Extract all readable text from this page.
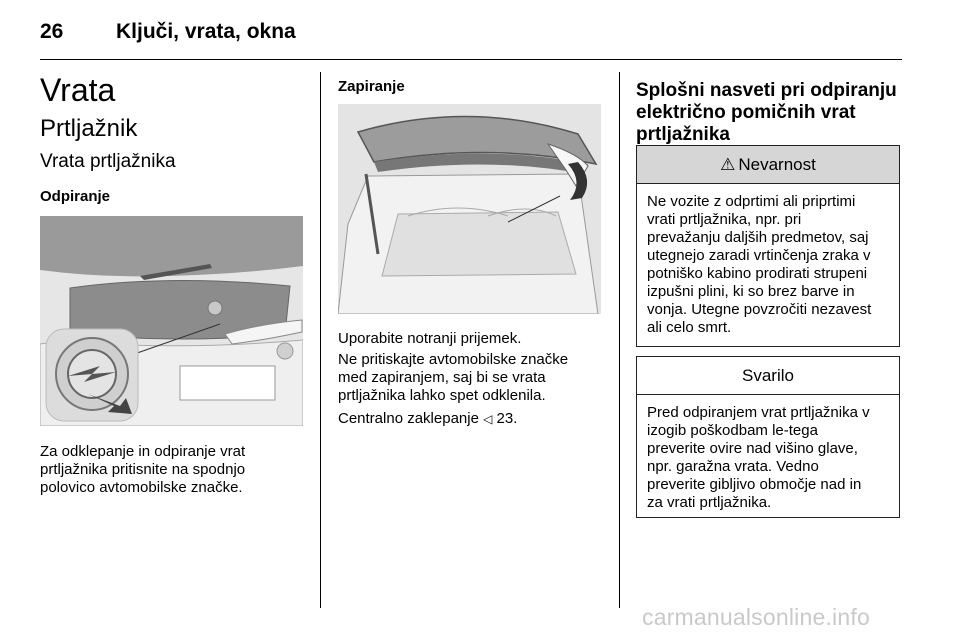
26	Ključi, vrata, okna
Vrata
Prtljažnik
Vrata prtljažnika
Odpiranje
Za odklepanje in odpiranje vrat
prtljažnika pritisnite na spodnjo
polovico avtomobilske značke.
Zapiranje
Uporabite notranji prijemek.
Ne pritiskajte avtomobilske značke
med zapiranjem, saj bi se vrata
prtljažnika lahko spet odklenila.
Centralno zaklepanje ◁ 23.
Splošni nasveti pri odpiranju
električno pomičnih vrat
prtljažnika
⚠ Nevarnost
Ne vozite z odprtimi ali priprtimi
vrati prtljažnika, npr. pri
prevažanju daljših predmetov, saj
utegnejo zaradi vrtinčenja zraka v
potniško kabino prodirati strupeni
izpušni plini, ki so brez barve in
vonja. Utegne povzročiti nezavest
ali celo smrt.
Svarilo
Pred odpiranjem vrat prtljažnika v
izogib poškodbam le-tega
preverite ovire nad višino glave,
npr. garažna vrata. Vedno
preverite gibljivo območje nad in
za vrati prtljažnika.
carmanualsonline.info
